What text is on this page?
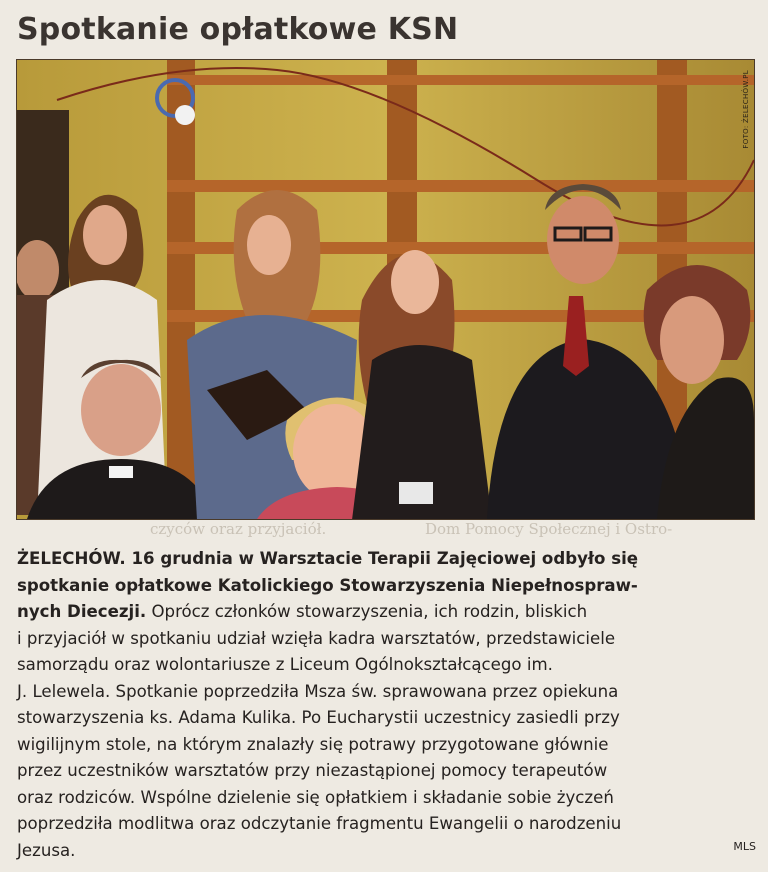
Spotkanie opłatkowe KSN
FOTO: ŻELECHÓW.PL
czyców oraz przyjaciół.	Dom Pomocy Społecznej i Ostro-
ŻELECHÓW. 16 grudnia w Warsztacie Terapii Zajęciowej odbyło się
spotkanie opłatkowe Katolickiego Stowarzyszenia Niepełnospraw-
nych Diecezji. Oprócz członków stowarzyszenia, ich rodzin, bliskich
i przyjaciół w spotkaniu udział wzięła kadra warsztatów, przedstawiciele
samorządu oraz wolontariusze z Liceum Ogólnokształcącego im.
J. Lelewela. Spotkanie poprzedziła Msza św. sprawowana przez opiekuna
stowarzyszenia ks. Adama Kulika. Po Eucharystii uczestnicy zasiedli przy
wigilijnym stole, na którym znalazły się potrawy przygotowane głównie
przez uczestników warsztatów przy niezastąpionej pomocy terapeutów
oraz rodziców. Wspólne dzielenie się opłatkiem i składanie sobie życzeń
poprzedziła modlitwa oraz odczytanie fragmentu Ewangelii o narodzeniu
Jezusa.	MLS
